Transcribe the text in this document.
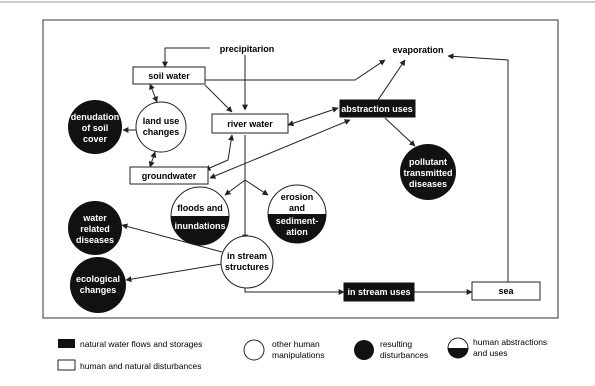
precipitarion	evaporation
soil water
river water
groundwater
sea
abstraction uses
in stream uses
land use
changes
in stream
structures
denudation
of soil
cover
pollutant
transmitted
diseases
water
related
diseases
ecological
changes
floods and
inundations
erosion
and
sediment-
ation
natural water flows and storages
human and natural disturbances
other human
manipulations
resulting
disturbances
human abstractions
and uses
